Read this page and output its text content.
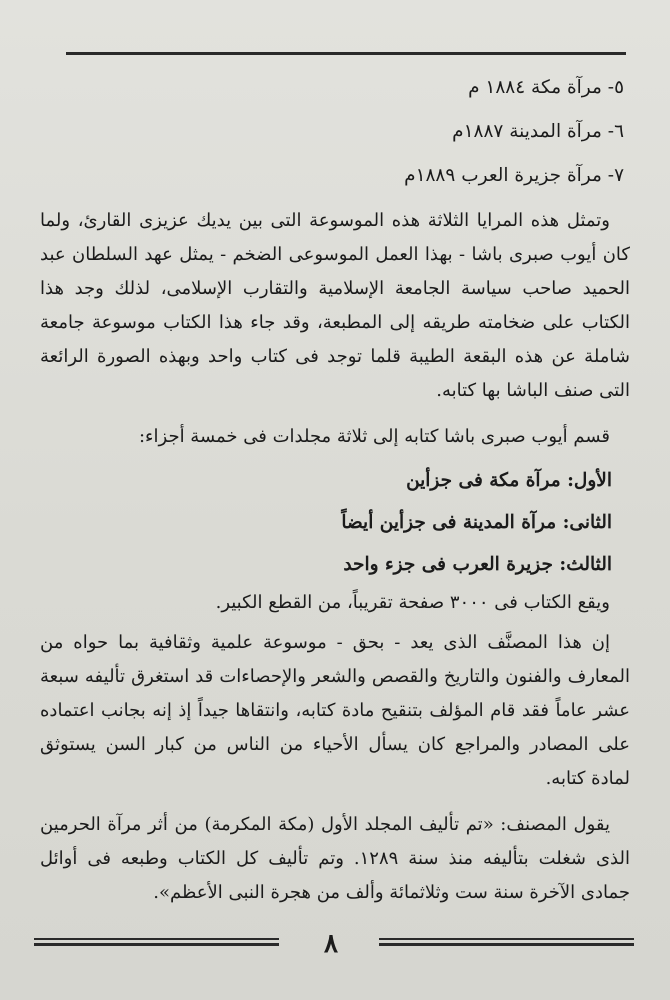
٥- مرآة مكة ١٨٨٤ م
٦- مرآة المدينة ١٨٨٧م
٧- مرآة جزيرة العرب ١٨٨٩م

وتمثل هذه المرايا الثلاثة هذه الموسوعة التى بين يديك عزيزى القارئ، ولما كان أيوب صبرى باشا - بهذا العمل الموسوعى الضخم - يمثل عهد السلطان عبد الحميد صاحب سياسة الجامعة الإسلامية والتقارب الإسلامى، لذلك وجد هذا الكتاب على ضخامته طريقه إلى المطبعة، وقد جاء هذا الكتاب موسوعة جامعة شاملة عن هذه البقعة الطيبة قلما توجد فى كتاب واحد وبهذه الصورة الرائعة التى صنف الباشا بها كتابه.

قسم أيوب صبرى باشا كتابه إلى ثلاثة مجلدات فى خمسة أجزاء:

الأول: مرآة مكة فى جزأين
الثانى: مرآة المدينة فى جزأين أيضاً
الثالث: جزيرة العرب فى جزء واحد

ويقع الكتاب فى ٣٠٠٠ صفحة تقريباً، من القطع الكبير.

إن هذا المصنَّف الذى يعد - بحق - موسوعة علمية وثقافية بما حواه من المعارف والفنون والتاريخ والقصص والشعر والإحصاءات قد استغرق تأليفه سبعة عشر عاماً فقد قام المؤلف بتنقيح مادة كتابه، وانتقاها جيداً إذ إنه بجانب اعتماده على المصادر والمراجع كان يسأل الأحياء من الناس من كبار السن يستوثق لمادة كتابه.

يقول المصنف: «تم تأليف المجلد الأول (مكة المكرمة) من أثر مرآة الحرمين الذى شغلت بتأليفه منذ سنة ١٢٨٩. وتم تأليف كل الكتاب وطبعه فى أوائل جمادى الآخرة سنة ست وثلاثمائة وألف من هجرة النبى الأعظم».

٨
